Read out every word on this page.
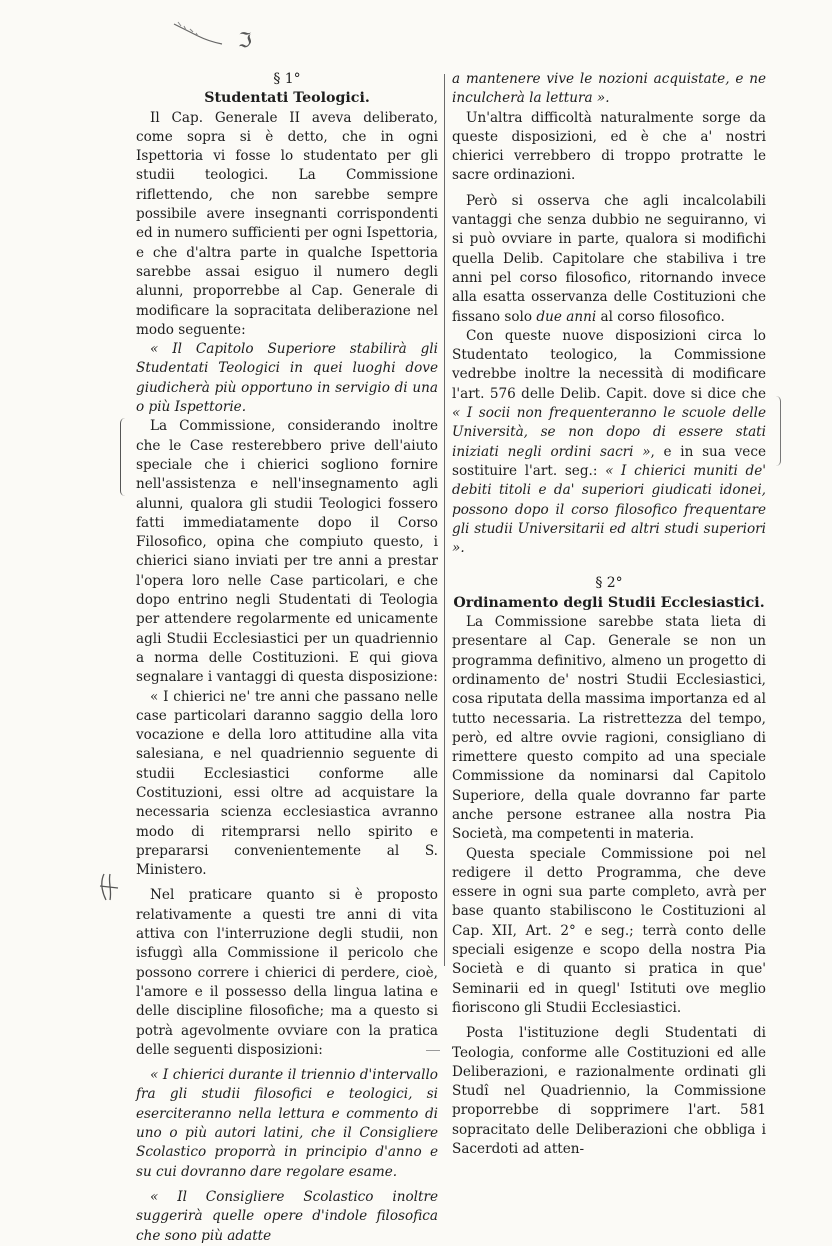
ℑ

§ 1°

Studentati Teologici.

Il Cap. Generale II aveva deliberato, come sopra si è detto, che in ogni Ispettoria vi fosse lo studentato per gli studii teologici. La Commissione riflettendo, che non sarebbe sempre possibile avere insegnanti corrispondenti ed in numero sufficienti per ogni Ispettoria, e che d'altra parte in qualche Ispettoria sarebbe assai esiguo il numero degli alunni, proporrebbe al Cap. Generale di modificare la sopracitata deliberazione nel modo seguente:

« Il Capitolo Superiore stabilirà gli Studentati Teologici in quei luoghi dove giudicherà più opportuno in servigio di una o più Ispettorie.

La Commissione, considerando inoltre che le Case resterebbero prive dell'aiuto speciale che i chierici sogliono fornire nell'assistenza e nell'insegnamento agli alunni, qualora gli studii Teologici fossero fatti immediatamente dopo il Corso Filosofico, opina che compiuto questo, i chierici siano inviati per tre anni a prestar l'opera loro nelle Case particolari, e che dopo entrino negli Studentati di Teologia per attendere regolarmente ed unicamente agli Studii Ecclesiastici per un quadriennio a norma delle Costituzioni. E qui giova segnalare i vantaggi di questa disposizione:

« I chierici ne' tre anni che passano nelle case particolari daranno saggio della loro vocazione e della loro attitudine alla vita salesiana, e nel quadriennio seguente di studii Ecclesiastici conforme alle Costituzioni, essi oltre ad acquistare la necessaria scienza ecclesiastica avranno modo di ritemprarsi nello spirito e prepararsi convenientemente al S. Ministero.

Nel praticare quanto si è proposto relativamente a questi tre anni di vita attiva con l'interruzione degli studii, non isfuggì alla Commissione il pericolo che possono correre i chierici di perdere, cioè, l'amore e il possesso della lingua latina e delle discipline filosofiche; ma a questo si potrà agevolmente ovviare con la pratica delle seguenti disposizioni:

« I chierici durante il triennio d'intervallo fra gli studii filosofici e teologici, si eserciteranno nella lettura e commento di uno o più autori latini, che il Consigliere Scolastico proporrà in principio d'anno e su cui dovranno dare regolare esame.

« Il Consigliere Scolastico inoltre suggerirà quelle opere d'indole filosofica che sono più adatte

a mantenere vive le nozioni acquistate, e ne inculcherà la lettura ».

Un'altra difficoltà naturalmente sorge da queste disposizioni, ed è che a' nostri chierici verrebbero di troppo protratte le sacre ordinazioni.

Però si osserva che agli incalcolabili vantaggi che senza dubbio ne seguiranno, vi si può ovviare in parte, qualora si modifichi quella Delib. Capitolare che stabiliva i tre anni pel corso filosofico, ritornando invece alla esatta osservanza delle Costituzioni che fissano solo due anni al corso filosofico.

Con queste nuove disposizioni circa lo Studentato teologico, la Commissione vedrebbe inoltre la necessità di modificare l'art. 576 delle Delib. Capit. dove si dice che « I socii non frequenteranno le scuole delle Università, se non dopo di essere stati iniziati negli ordini sacri », e in sua vece sostituire l'art. seg.: « I chierici muniti de' debiti titoli e da' superiori giudicati idonei, possono dopo il corso filosofico frequentare gli studii Universitarii ed altri studi superiori ».

§ 2°

Ordinamento degli Studii Ecclesiastici.

La Commissione sarebbe stata lieta di presentare al Cap. Generale se non un programma definitivo, almeno un progetto di ordinamento de' nostri Studii Ecclesiastici, cosa riputata della massima importanza ed al tutto necessaria. La ristrettezza del tempo, però, ed altre ovvie ragioni, consigliano di rimettere questo compito ad una speciale Commissione da nominarsi dal Capitolo Superiore, della quale dovranno far parte anche persone estranee alla nostra Pia Società, ma competenti in materia.

Questa speciale Commissione poi nel redigere il detto Programma, che deve essere in ogni sua parte completo, avrà per base quanto stabiliscono le Costituzioni al Cap. XII, Art. 2° e seg.; terrà conto delle speciali esigenze e scopo della nostra Pia Società e di quanto si pratica in que' Seminarii ed in quegl' Istituti ove meglio fioriscono gli Studii Ecclesiastici.

Posta l'istituzione degli Studentati di Teologia, conforme alle Costituzioni ed alle Deliberazioni, e razionalmente ordinati gli Studî nel Quadriennio, la Commissione proporrebbe di sopprimere l'art. 581 sopracitato delle Deliberazioni che obbliga i Sacerdoti ad atten-
